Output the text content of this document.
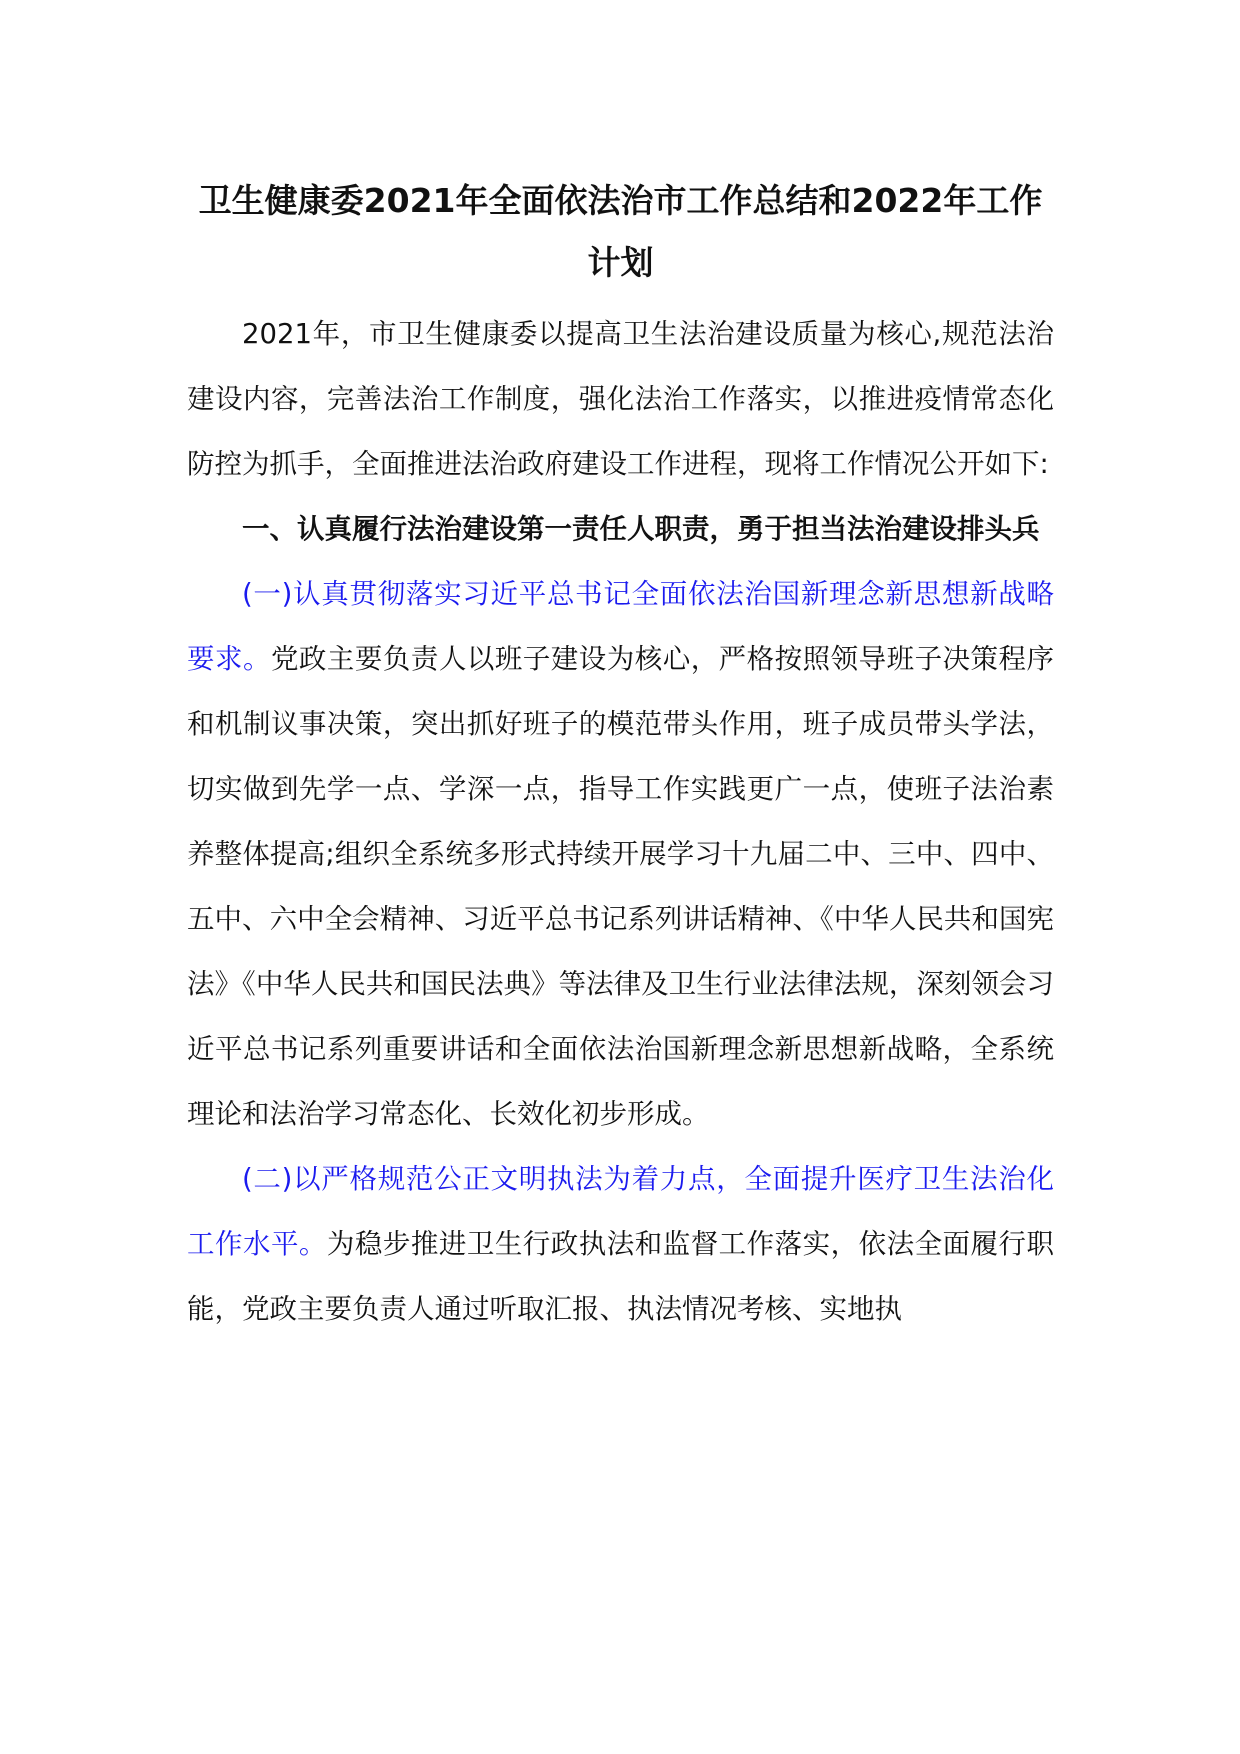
卫生健康委2021年全面依法治市工作总结和2022年工作计划

2021年，市卫生健康委以提高卫生法治建设质量为核心,规范法治建设内容，完善法治工作制度，强化法治工作落实，以推进疫情常态化防控为抓手，全面推进法治政府建设工作进程，现将工作情况公开如下:

一、认真履行法治建设第一责任人职责，勇于担当法治建设排头兵

(一)认真贯彻落实习近平总书记全面依法治国新理念新思想新战略要求。党政主要负责人以班子建设为核心，严格按照领导班子决策程序和机制议事决策，突出抓好班子的模范带头作用，班子成员带头学法，切实做到先学一点、学深一点，指导工作实践更广一点，使班子法治素养整体提高;组织全系统多形式持续开展学习十九届二中、三中、四中、五中、六中全会精神、习近平总书记系列讲话精神、《中华人民共和国宪法》《中华人民共和国民法典》等法律及卫生行业法律法规，深刻领会习近平总书记系列重要讲话和全面依法治国新理念新思想新战略，全系统理论和法治学习常态化、长效化初步形成。

(二)以严格规范公正文明执法为着力点，全面提升医疗卫生法治化工作水平。为稳步推进卫生行政执法和监督工作落实，依法全面履行职能，党政主要负责人通过听取汇报、执法情况考核、实地执
